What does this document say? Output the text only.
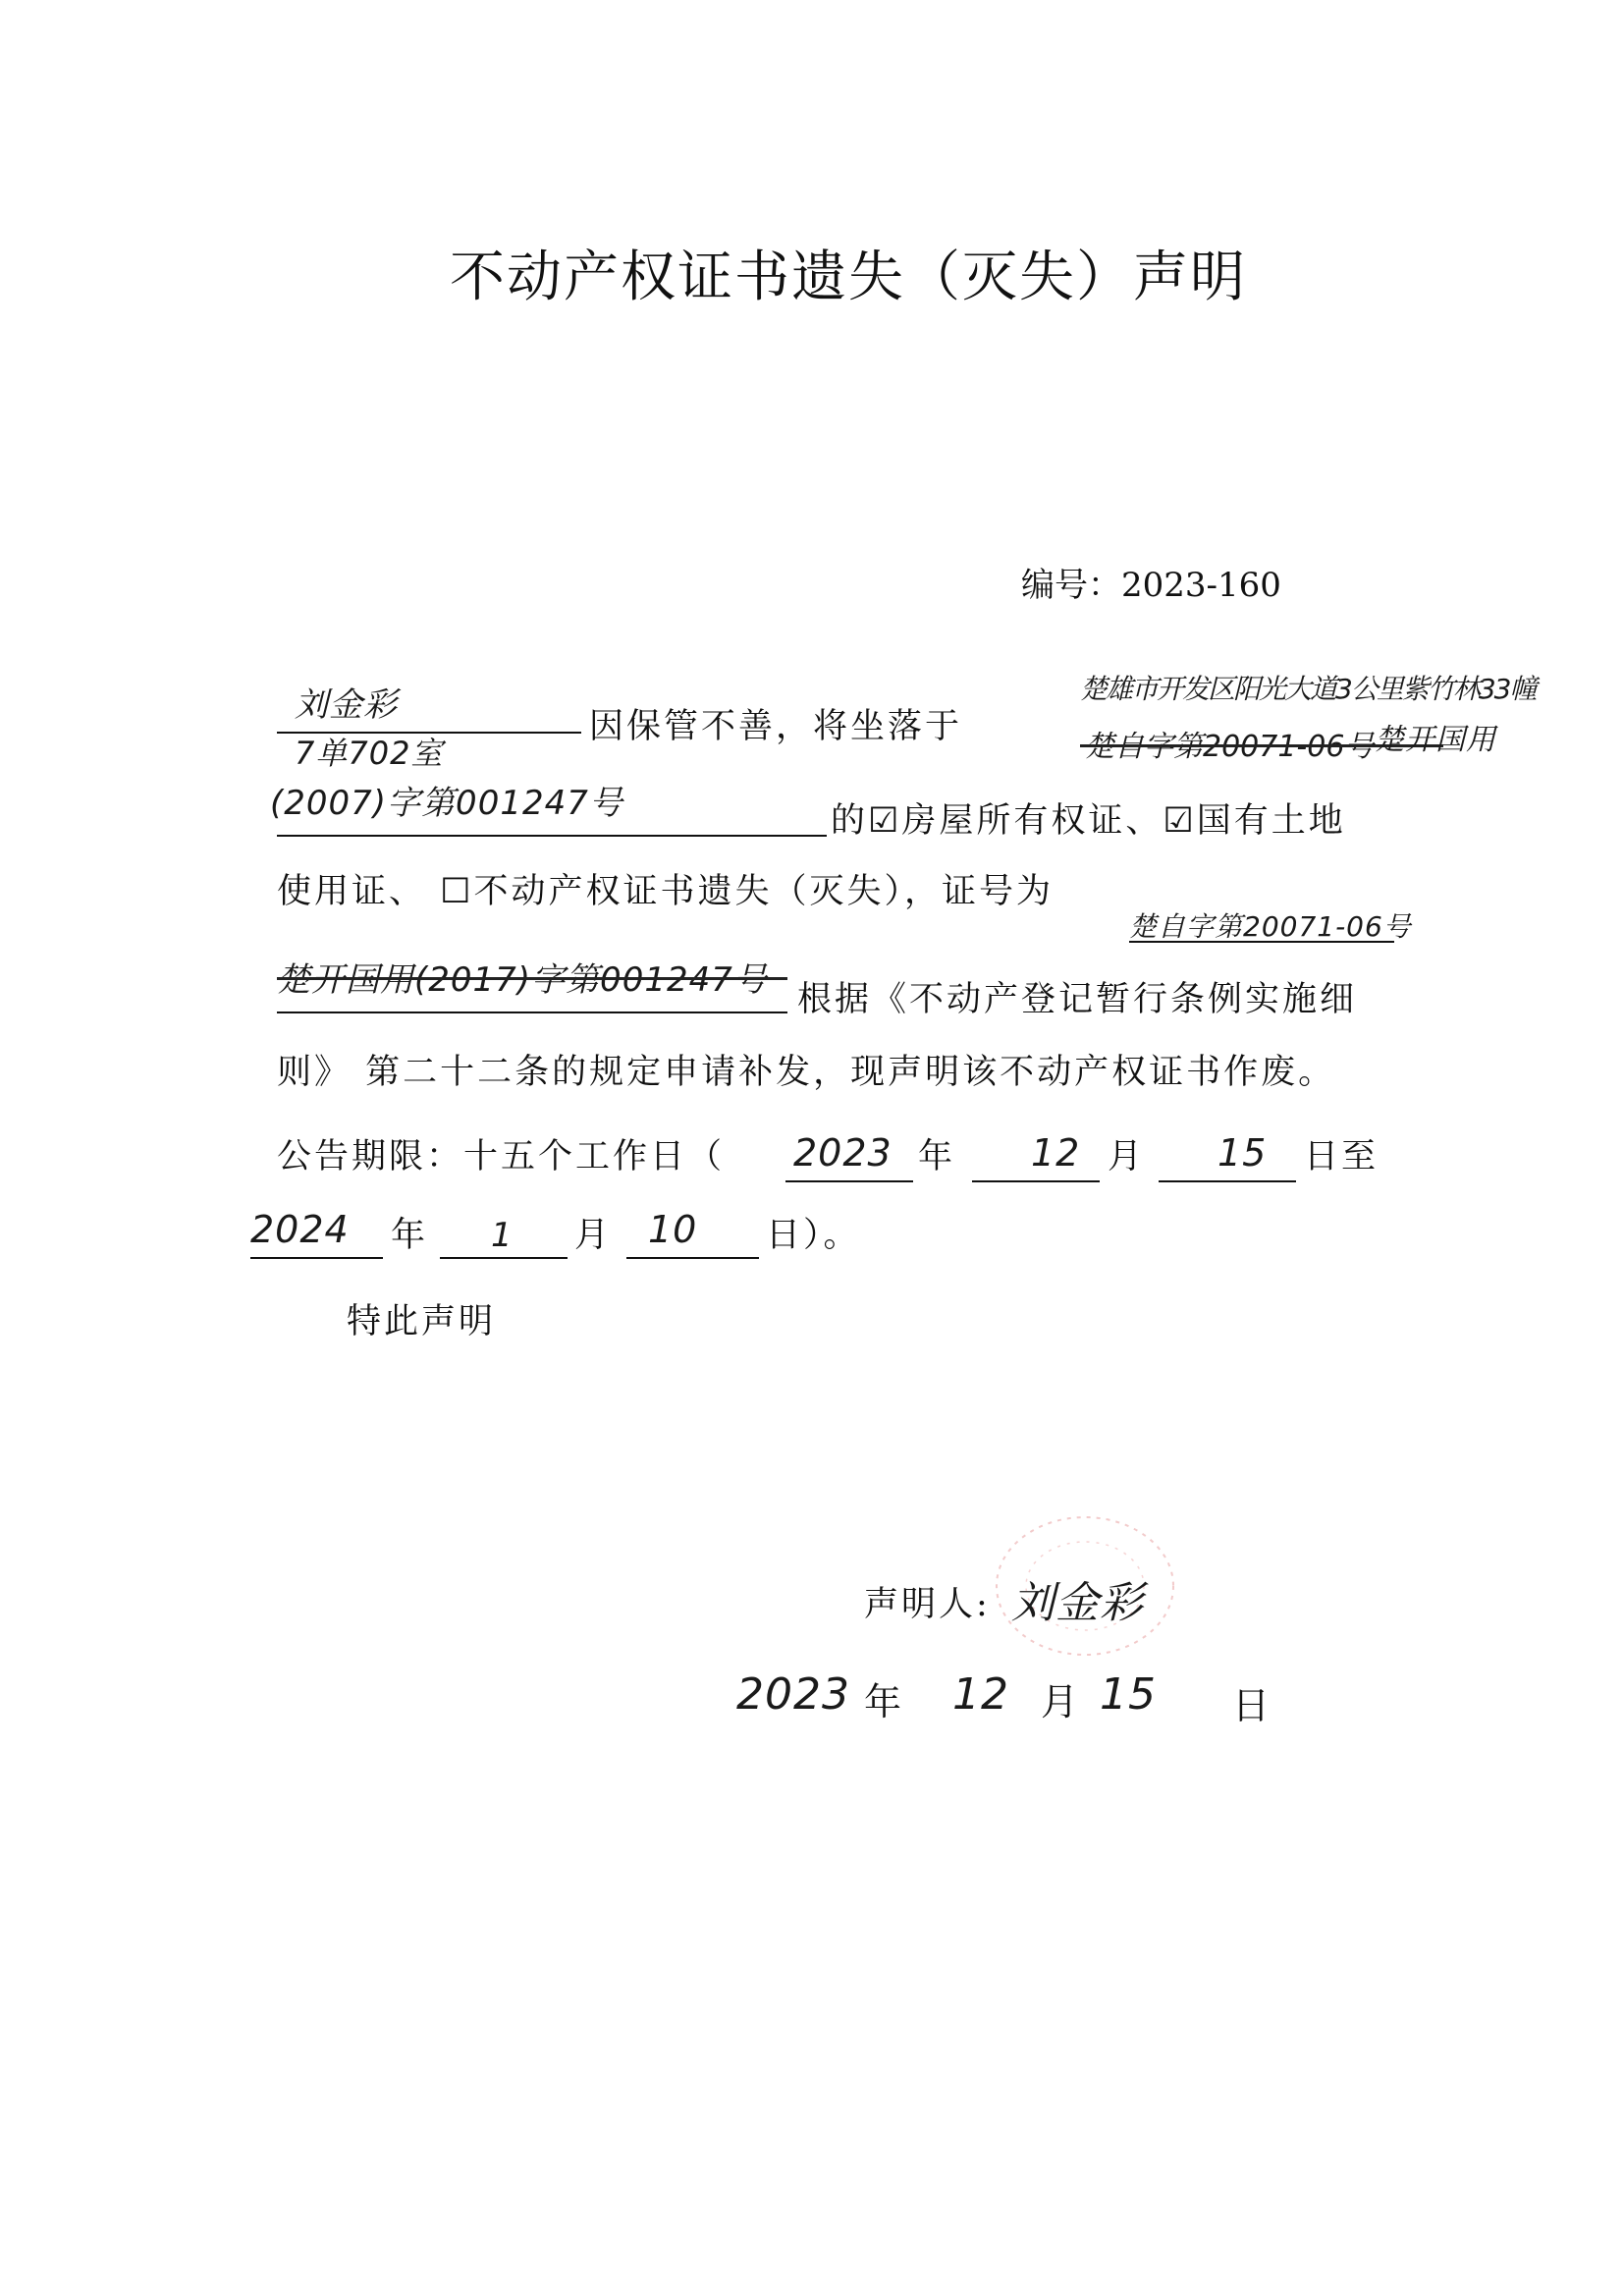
不动产权证书遗失（灭失）声明
编号：2023-160
刘金彩
因保管不善，将坐落于
楚雄市开发区阳光大道3公里紫竹林33幢
楚自字第20071-06号 楚开国用
7单702室
(2007)字第001247号	的☑房屋所有权证、☑国有土地
使用证、 ☐不动产权证书遗失（灭失），证号为
楚自字第20071-06号
楚开国用(2017)字第001247号 根据《不动产登记暂行条例实施细
则》 第二十二条的规定申请补发，现声明该不动产权证书作废。
公告期限：十五个工作日（ 2023 年 12 月 15 日至
2024 年 1 月 10 日）。
特此声明
声明人: 刘金彩
2023 年 12 月 15 日
